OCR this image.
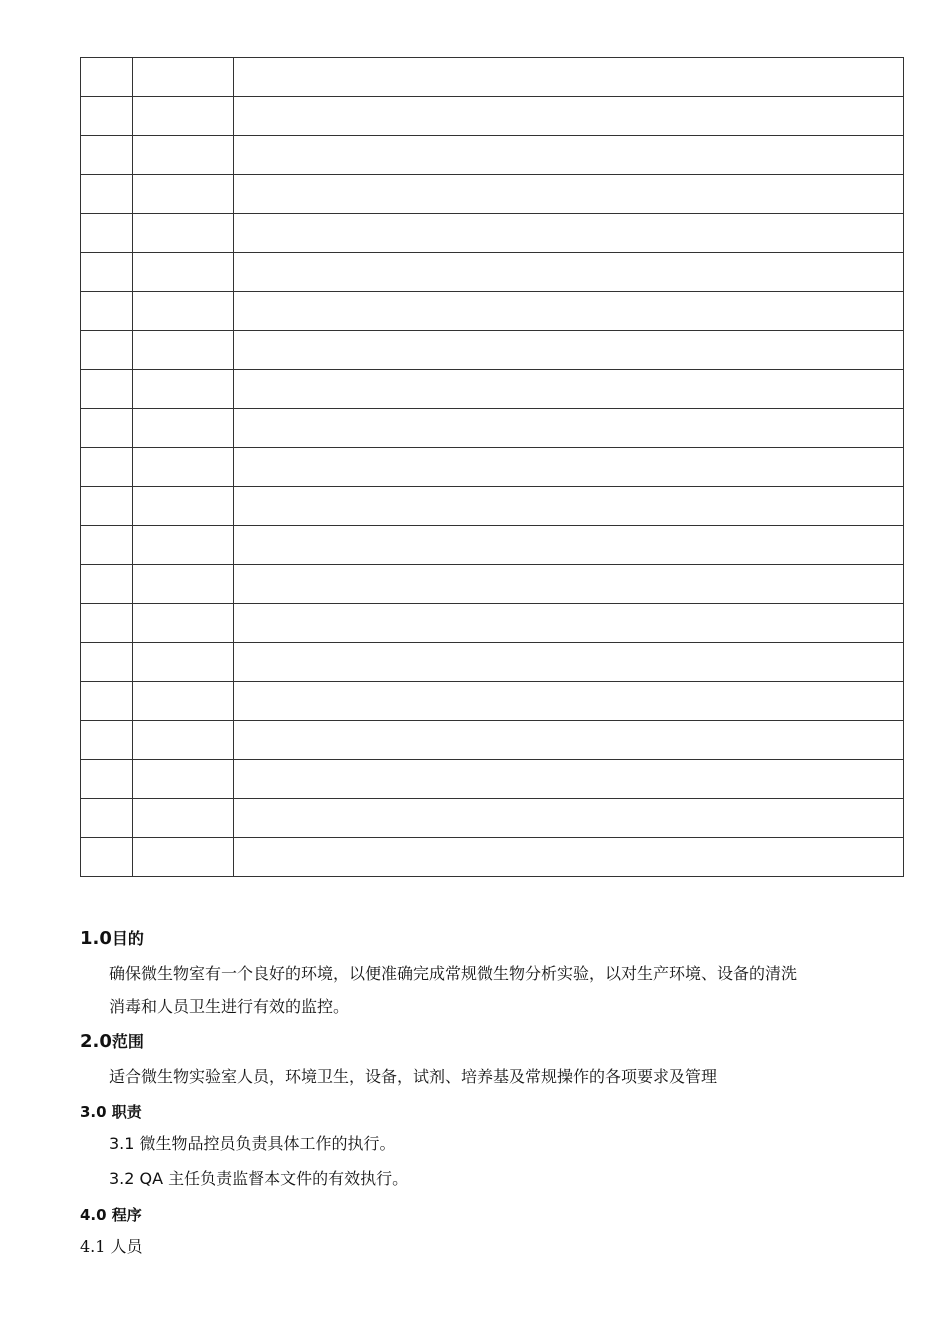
1.0目的
确保微生物室有一个良好的环境，以便准确完成常规微生物分析实验，以对生产环境、设备的清洗
消毒和人员卫生进行有效的监控。
2.0范围
适合微生物实验室人员，环境卫生，设备，试剂、培养基及常规操作的各项要求及管理
3.0 职责
3.1 微生物品控员负责具体工作的执行。
3.2 QA 主任负责监督本文件的有效执行。
4.0 程序
4.1 人员
